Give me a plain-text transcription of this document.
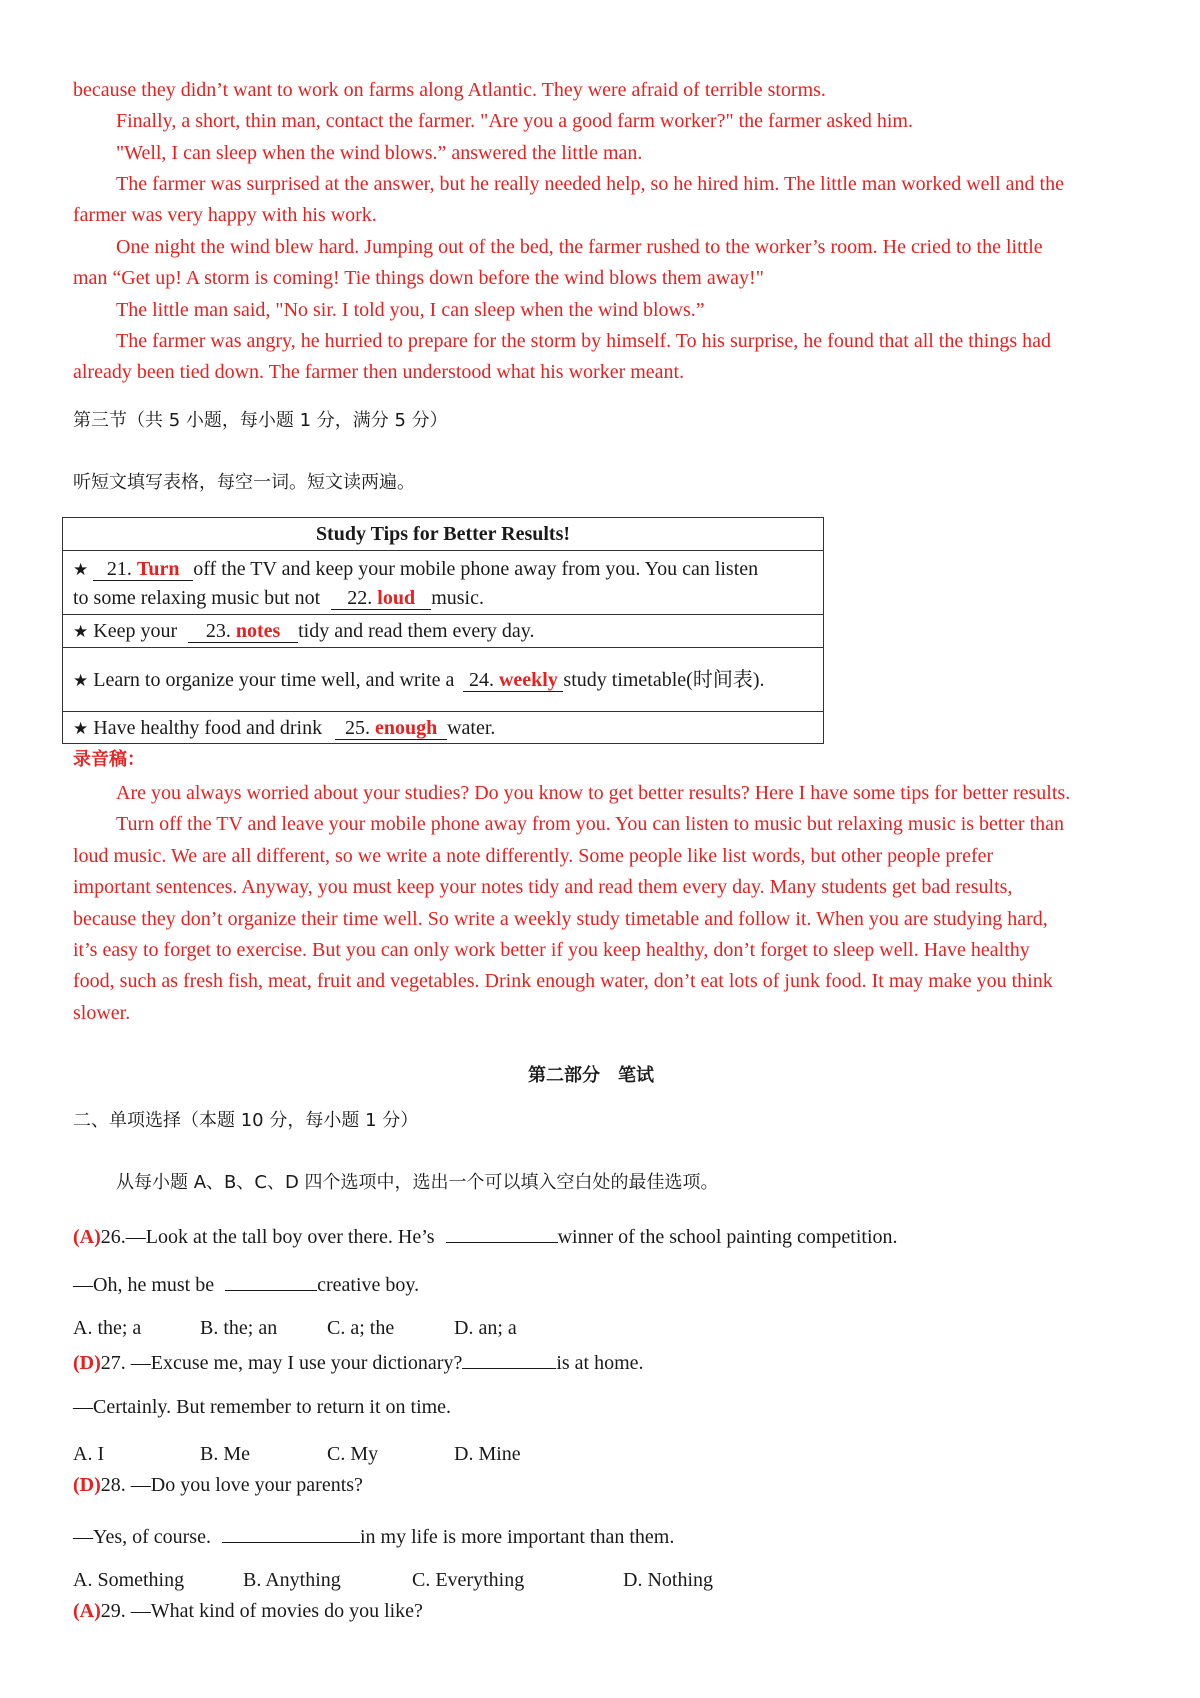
because they didn’t want to work on farms along Atlantic. They were afraid of terrible storms.
Finally, a short, thin man, contact the farmer. "Are you a good farm worker?" the farmer asked him.
"Well, I can sleep when the wind blows.” answered the little man.
The farmer was surprised at the answer, but he really needed help, so he hired him. The little man worked well and the
farmer was very happy with his work.
One night the wind blew hard. Jumping out of the bed, the farmer rushed to the worker’s room. He cried to the little
man “Get up! A storm is coming! Tie things down before the wind blows them away!"
The little man said, "No sir. I told you, I can sleep when the wind blows.”
The farmer was angry, he hurried to prepare for the storm by himself. To his surprise, he found that all the things had
already been tied down. The farmer then understood what his worker meant.
第三节（共 5 小题，每小题 1 分，满分 5 分）
听短文填写表格，每空一词。短文读两遍。
Study Tips for Better Results!
★ 21. Turn off the TV and keep your mobile phone away from you. You can listen
to some relaxing music but not 22. loud music.
★ Keep your 23. notes tidy and read them every day.
★ Learn to organize your time well, and write a 24. weekly study timetable(时间表).
★ Have healthy food and drink 25. enough water.
录音稿：
Are you always worried about your studies? Do you know to get better results? Here I have some tips for better results.
Turn off the TV and leave your mobile phone away from you. You can listen to music but relaxing music is better than
loud music. We are all different, so we write a note differently. Some people like list words, but other people prefer
important sentences. Anyway, you must keep your notes tidy and read them every day. Many students get bad results,
because they don’t organize their time well. So write a weekly study timetable and follow it. When you are studying hard,
it’s easy to forget to exercise. But you can only work better if you keep healthy, don’t forget to sleep well. Have healthy
food, such as fresh fish, meat, fruit and vegetables. Drink enough water, don’t eat lots of junk food. It may make you think
slower.
第二部分　笔试
二、单项选择（本题 10 分，每小题 1 分）
从每小题 A、B、C、D 四个选项中，选出一个可以填入空白处的最佳选项。
(A)26.—Look at the tall boy over there. He’s	winner of the school painting competition.
—Oh, he must be	creative boy.
A. the; a	B. the; an C. a; the	D. an; a
(D)27. —Excuse me, may I use your dictionary?	is at home.
—Certainly. But remember to return it on time.
A. I	B. Me	C. My	D. Mine
(D)28. —Do you love your parents?
—Yes, of course.	in my life is more important than them.
A. Something	B. Anything	C. Everything	D. Nothing
(A)29. —What kind of movies do you like?
